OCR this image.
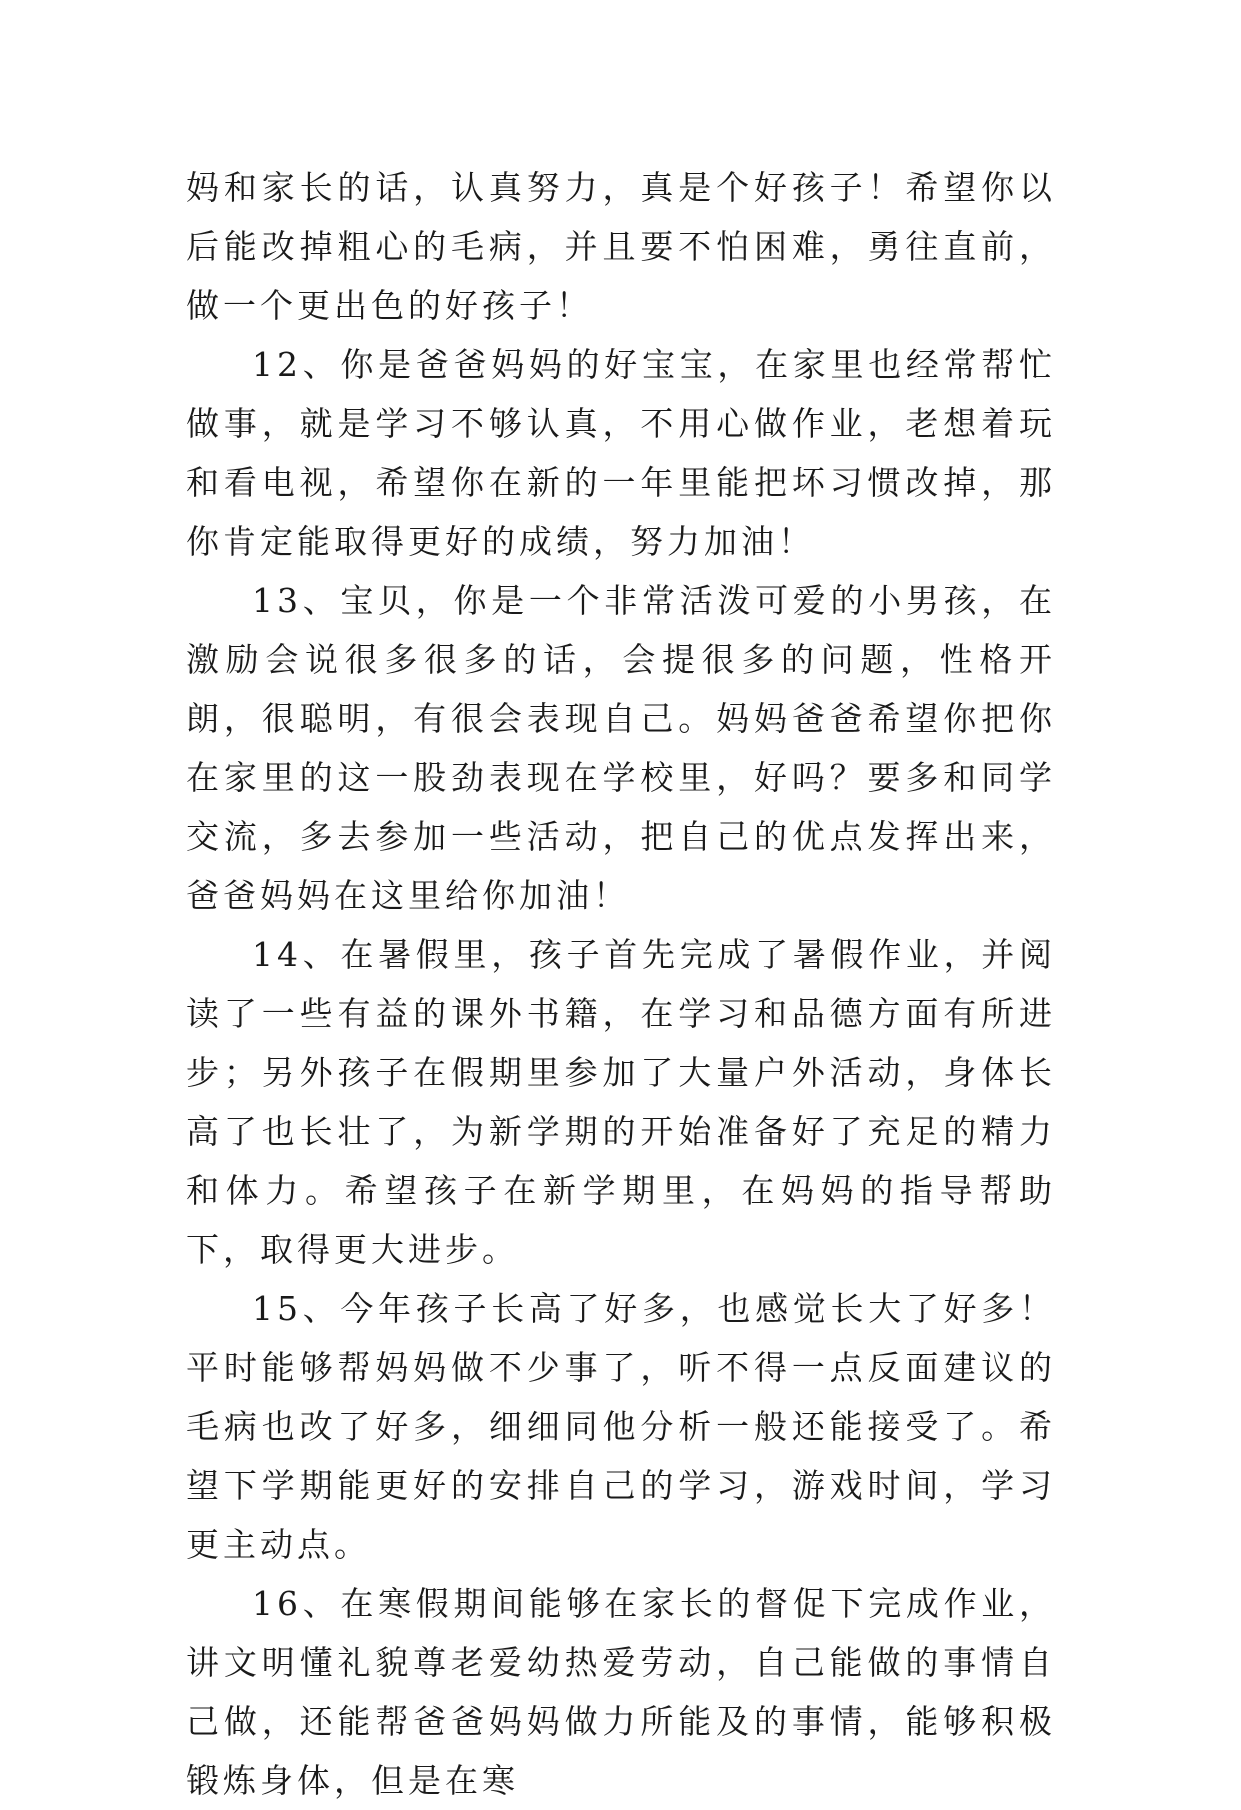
妈和家长的话，认真努力，真是个好孩子！希望你以后能改掉粗心的毛病，并且要不怕困难，勇往直前，做一个更出色的好孩子！

12、你是爸爸妈妈的好宝宝，在家里也经常帮忙做事，就是学习不够认真，不用心做作业，老想着玩和看电视，希望你在新的一年里能把坏习惯改掉，那你肯定能取得更好的成绩，努力加油！

13、宝贝，你是一个非常活泼可爱的小男孩，在激励会说很多很多的话，会提很多的问题，性格开朗，很聪明，有很会表现自己。妈妈爸爸希望你把你在家里的这一股劲表现在学校里，好吗？要多和同学交流，多去参加一些活动，把自己的优点发挥出来，爸爸妈妈在这里给你加油！

14、在暑假里，孩子首先完成了暑假作业，并阅读了一些有益的课外书籍，在学习和品德方面有所进步；另外孩子在假期里参加了大量户外活动，身体长高了也长壮了，为新学期的开始准备好了充足的精力和体力。希望孩子在新学期里，在妈妈的指导帮助下，取得更大进步。

15、今年孩子长高了好多，也感觉长大了好多！平时能够帮妈妈做不少事了，听不得一点反面建议的毛病也改了好多，细细同他分析一般还能接受了。希望下学期能更好的安排自己的学习，游戏时间，学习更主动点。

16、在寒假期间能够在家长的督促下完成作业，讲文明懂礼貌尊老爱幼热爱劳动，自己能做的事情自己做，还能帮爸爸妈妈做力所能及的事情，能够积极锻炼身体，但是在寒
